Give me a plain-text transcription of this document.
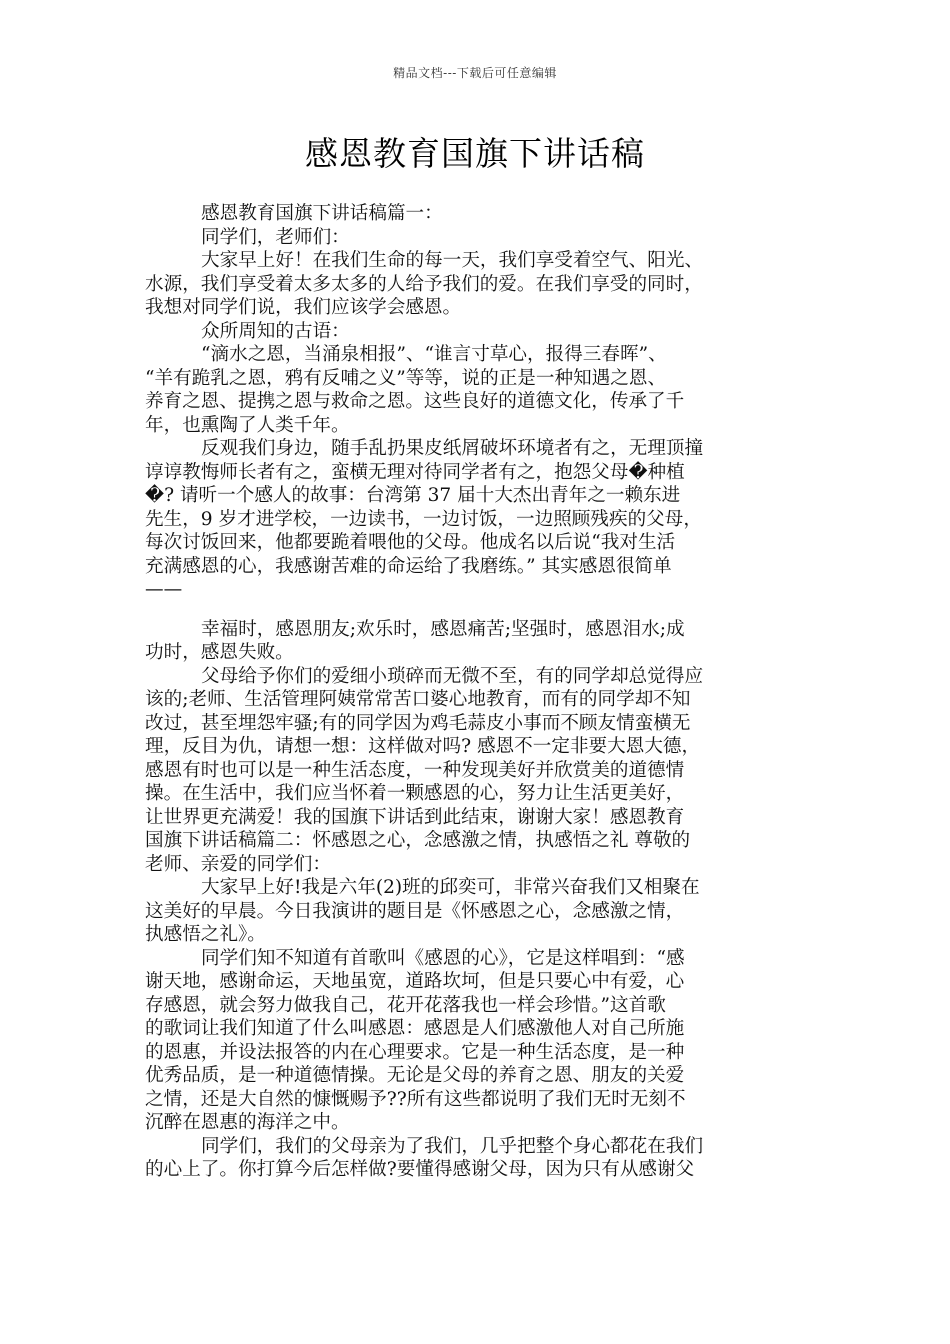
精品文档---下载后可任意编辑
感恩教育国旗下讲话稿
感恩教育国旗下讲话稿篇一：
同学们，老师们：
大家早上好！在我们生命的每一天，我们享受着空气、阳光、
水源，我们享受着太多太多的人给予我们的爱。在我们享受的同时，
我想对同学们说，我们应该学会感恩。
众所周知的古语：
“滴水之恩，当涌泉相报”、“谁言寸草心，报得三春晖”、
“羊有跪乳之恩，鸦有反哺之义”等等，说的正是一种知遇之恩、
养育之恩、提携之恩与救命之恩。这些良好的道德文化，传承了千
年，也熏陶了人类千年。
反观我们身边，随手乱扔果皮纸屑破坏环境者有之，无理顶撞
谆谆教悔师长者有之，蛮横无理对待同学者有之，抱怨父母�种植
�? 请听一个感人的故事：台湾第 37 届十大杰出青年之一赖东进
先生，9 岁才进学校，一边读书，一边讨饭，一边照顾残疾的父母，
每次讨饭回来，他都要跪着喂他的父母。他成名以后说“我对生活
充满感恩的心，我感谢苦难的命运给了我磨练。” 其实感恩很简单
——
幸福时，感恩朋友;欢乐时，感恩痛苦;坚强时，感恩泪水;成
功时，感恩失败。
父母给予你们的爱细小琐碎而无微不至，有的同学却总觉得应
该的;老师、生活管理阿姨常常苦口婆心地教育，而有的同学却不知
改过，甚至埋怨牢骚;有的同学因为鸡毛蒜皮小事而不顾友情蛮横无
理，反目为仇，请想一想：这样做对吗? 感恩不一定非要大恩大德，
感恩有时也可以是一种生活态度，一种发现美好并欣赏美的道德情
操。在生活中，我们应当怀着一颗感恩的心，努力让生活更美好，
让世界更充满爱！我的国旗下讲话到此结束，谢谢大家！感恩教育
国旗下讲话稿篇二：怀感恩之心，念感激之情，执感悟之礼 尊敬的
老师、亲爱的同学们：
大家早上好!我是六年(2)班的邱奕可，非常兴奋我们又相聚在
这美好的早晨。今日我演讲的题目是《怀感恩之心，念感激之情，
执感悟之礼》。
同学们知不知道有首歌叫《感恩的心》，它是这样唱到：“感
谢天地，感谢命运，天地虽宽，道路坎坷，但是只要心中有爱，心
存感恩，就会努力做我自己，花开花落我也一样会珍惜。”这首歌
的歌词让我们知道了什么叫感恩：感恩是人们感激他人对自己所施
的恩惠，并设法报答的内在心理要求。它是一种生活态度，是一种
优秀品质，是一种道德情操。无论是父母的养育之恩、朋友的关爱
之情，还是大自然的慷慨赐予??所有这些都说明了我们无时无刻不
沉醉在恩惠的海洋之中。
同学们，我们的父母亲为了我们，几乎把整个身心都花在我们
的心上了。你打算今后怎样做?要懂得感谢父母，因为只有从感谢父
